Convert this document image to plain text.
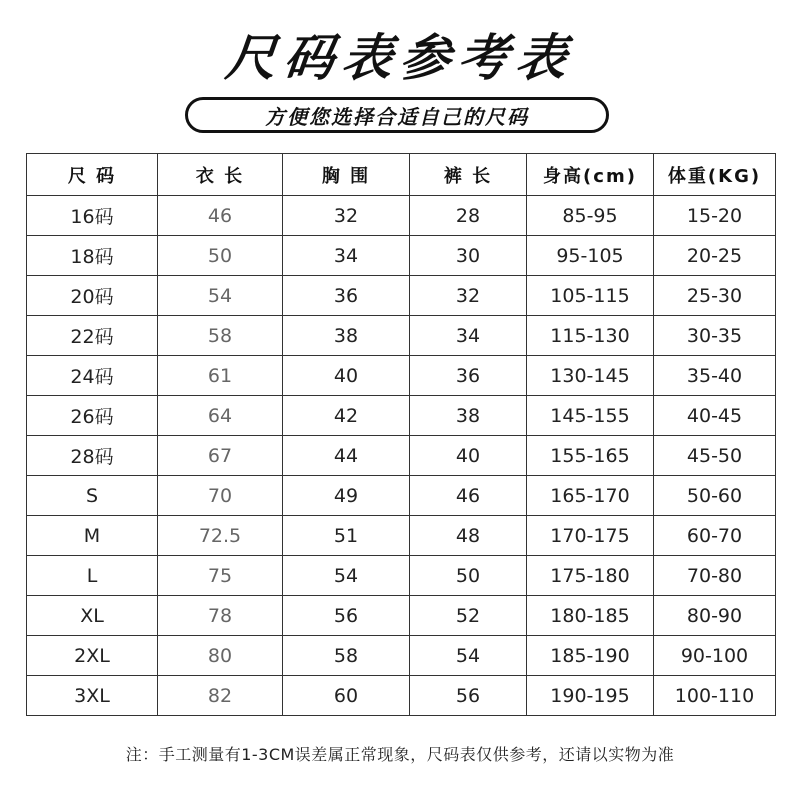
尺码表参考表
方便您选择合适自己的尺码
尺 码	衣 长	胸 围	裤 长	身高(cm)	体重(KG)
16码	46	32	28	85-95	15-20
18码	50	34	30	95-105	20-25
20码	54	36	32	105-115	25-30
22码	58	38	34	115-130	30-35
24码	61	40	36	130-145	35-40
26码	64	42	38	145-155	40-45
28码	67	44	40	155-165	45-50
S	70	49	46	165-170	50-60
M	72.5	51	48	170-175	60-70
L	75	54	50	175-180	70-80
XL	78	56	52	180-185	80-90
2XL	80	58	54	185-190	90-100
3XL	82	60	56	190-195	100-110
注：手工测量有1-3CM误差属正常现象，尺码表仅供参考，还请以实物为准
